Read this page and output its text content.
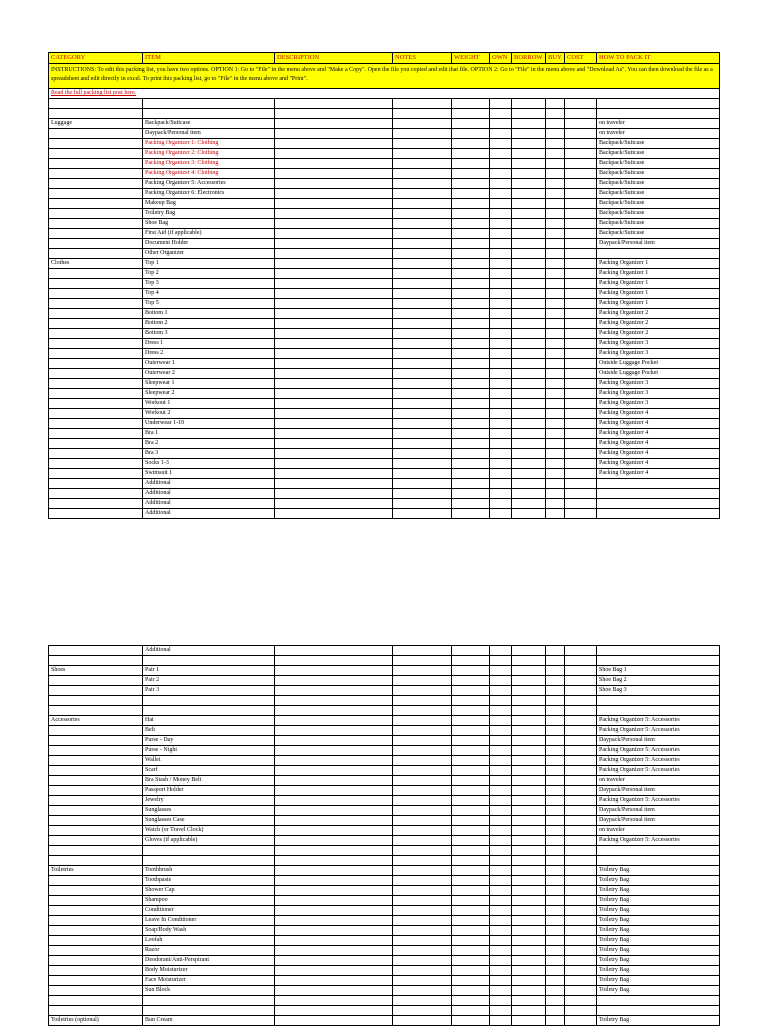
CATEGORY	ITEM	DESCRIPTION	NOTES	WEIGHT	OWN	BORROW	BUY	COST	HOW TO PACK IT
INSTRUCTIONS: To edit this packing list, you have two options. OPTION 1: Go to "File" in the menu above and "Make a Copy". Open the file you copied and edit that file. OPTION 2: Go to "File" in the menu above and "Download As". You can then download the file as a spreadsheet and edit directly in excel. To print this packing list, go to "File" in the menu above and "Print".									
Read the full packing list post here.									

Luggage	Backpack/Suitcase								on traveler
	Daypack/Personal item								on traveler
	Packing Organizer 1: Clothing								Backpack/Suitcase
	Packing Organizer 2: Clothing								Backpack/Suitcase
	Packing Organizer 3: Clothing								Backpack/Suitcase
	Packing Organizer 4: Clothing								Backpack/Suitcase
	Packing Organizer 5: Accessories								Backpack/Suitcase
	Packing Organizer 6: Electronics								Backpack/Suitcase
	Makeup Bag								Backpack/Suitcase
	Toiletry Bag								Backpack/Suitcase
	Shoe Bag								Backpack/Suitcase
	First Aid (if applicable)								Backpack/Suitcase
	Document Holder								Daypack/Personal item
	Other Organizer								
Clothes	Top 1								Packing Organizer 1
	Top 2								Packing Organizer 1
	Top 3								Packing Organizer 1
	Top 4								Packing Organizer 1
	Top 5								Packing Organizer 1
	Bottom 1								Packing Organizer 2
	Bottom 2								Packing Organizer 2
	Bottom 3								Packing Organizer 2
	Dress 1								Packing Organizer 3
	Dress 2								Packing Organizer 3
	Outerwear 1								Outside Luggage Pocket
	Outerwear 2								Outside Luggage Pocket
	Sleepwear 1								Packing Organizer 3
	Sleepwear 2								Packing Organizer 3
	Workout 1								Packing Organizer 3
	Workout 2								Packing Organizer 4
	Underwear 1-10								Packing Organizer 4
	Bra 1								Packing Organizer 4
	Bra 2								Packing Organizer 4
	Bra 3								Packing Organizer 4
	Socks 1-3								Packing Organizer 4
	Swimsuit 1								Packing Organizer 4
	Additional								
	Additional								
	Additional								
	Additional								
	Additional								

Shoes	Pair 1								Shoe Bag 1
	Pair 2								Shoe Bag 2
	Pair 3								Shoe Bag 3

Accessories	Hat								Packing Organizer 5: Accessories
	Belt								Packing Organizer 5: Accessories
	Purse - Day								Daypack/Personal item
	Purse - Night								Packing Organizer 5: Accessories
	Wallet								Packing Organizer 5: Accessories
	Scarf								Packing Organizer 5: Accessories
	Bra Stash / Money Belt								on traveler
	Passport Holder								Daypack/Personal item
	Jewelry								Packing Organizer 5: Accessories
	Sunglasses								Daypack/Personal item
	Sunglasses Case								Daypack/Personal item
	Watch (or Travel Clock)								on traveler
	Gloves (if applicable)								Packing Organizer 5: Accessories

Toiletries	Toothbrush								Toiletry Bag
	Toothpaste								Toiletry Bag
	Shower Cap								Toiletry Bag
	Shampoo								Toiletry Bag
	Conditioner								Toiletry Bag
	Leave In Conditioner								Toiletry Bag
	Soap/Body Wash								Toiletry Bag
	Loofah								Toiletry Bag
	Razor								Toiletry Bag
	Deodorant/Anti-Perspirant								Toiletry Bag
	Body Moisturizer								Toiletry Bag
	Face Moisturizer								Toiletry Bag
	Sun Block								Toiletry Bag

Toiletries (optional)	Bun Cream								Toiletry Bag
